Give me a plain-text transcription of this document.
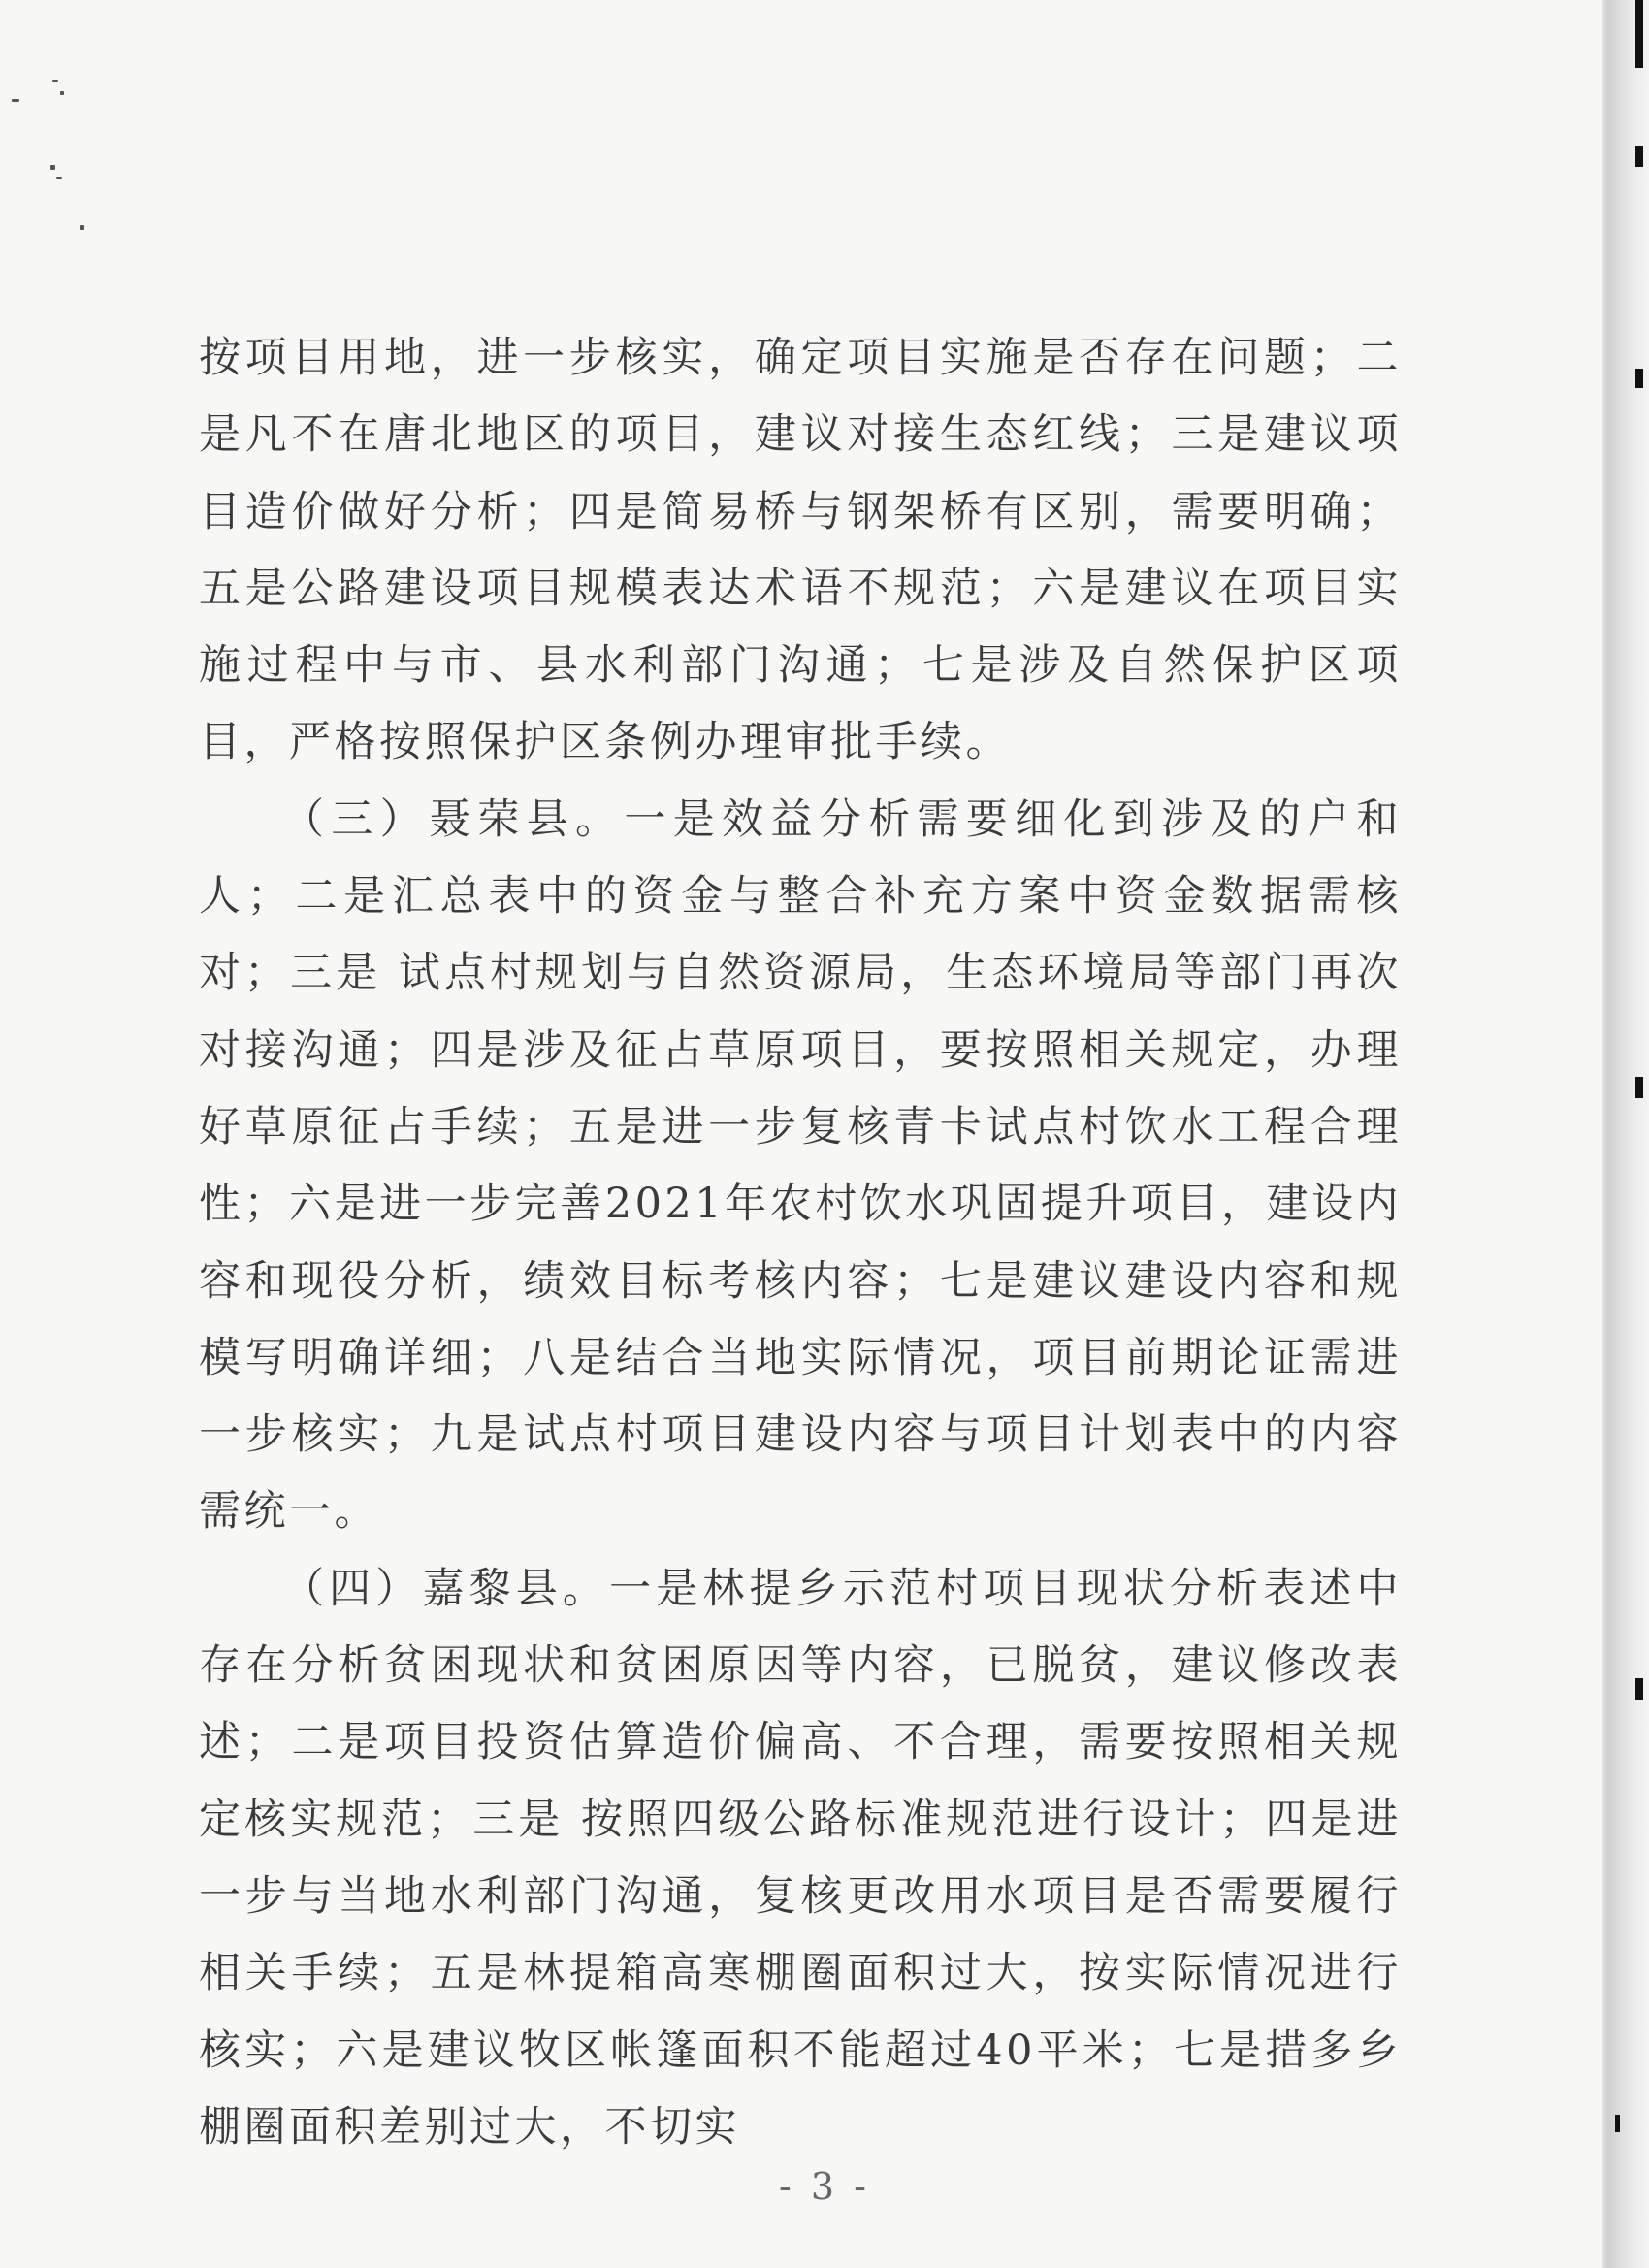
按项目用地，进一步核实，确定项目实施是否存在问题；二是凡不在唐北地区的项目，建议对接生态红线；三是建议项目造价做好分析；四是简易桥与钢架桥有区别，需要明确；五是公路建设项目规模表达术语不规范；六是建议在项目实施过程中与市、县水利部门沟通；七是涉及自然保护区项目，严格按照保护区条例办理审批手续。

（三）聂荣县。一是效益分析需要细化到涉及的户和人；二是汇总表中的资金与整合补充方案中资金数据需核对；三是 试点村规划与自然资源局，生态环境局等部门再次对接沟通；四是涉及征占草原项目，要按照相关规定，办理好草原征占手续；五是进一步复核青卡试点村饮水工程合理性；六是进一步完善2021年农村饮水巩固提升项目，建设内容和现役分析，绩效目标考核内容；七是建议建设内容和规模写明确详细；八是结合当地实际情况，项目前期论证需进一步核实；九是试点村项目建设内容与项目计划表中的内容需统一。

（四）嘉黎县。一是林提乡示范村项目现状分析表述中存在分析贫困现状和贫困原因等内容，已脱贫，建议修改表述；二是项目投资估算造价偏高、不合理，需要按照相关规定核实规范；三是 按照四级公路标准规范进行设计；四是进一步与当地水利部门沟通，复核更改用水项目是否需要履行相关手续；五是林提箱高寒棚圈面积过大，按实际情况进行核实；六是建议牧区帐篷面积不能超过40平米；七是措多乡棚圈面积差别过大，不切实

- 3 -
